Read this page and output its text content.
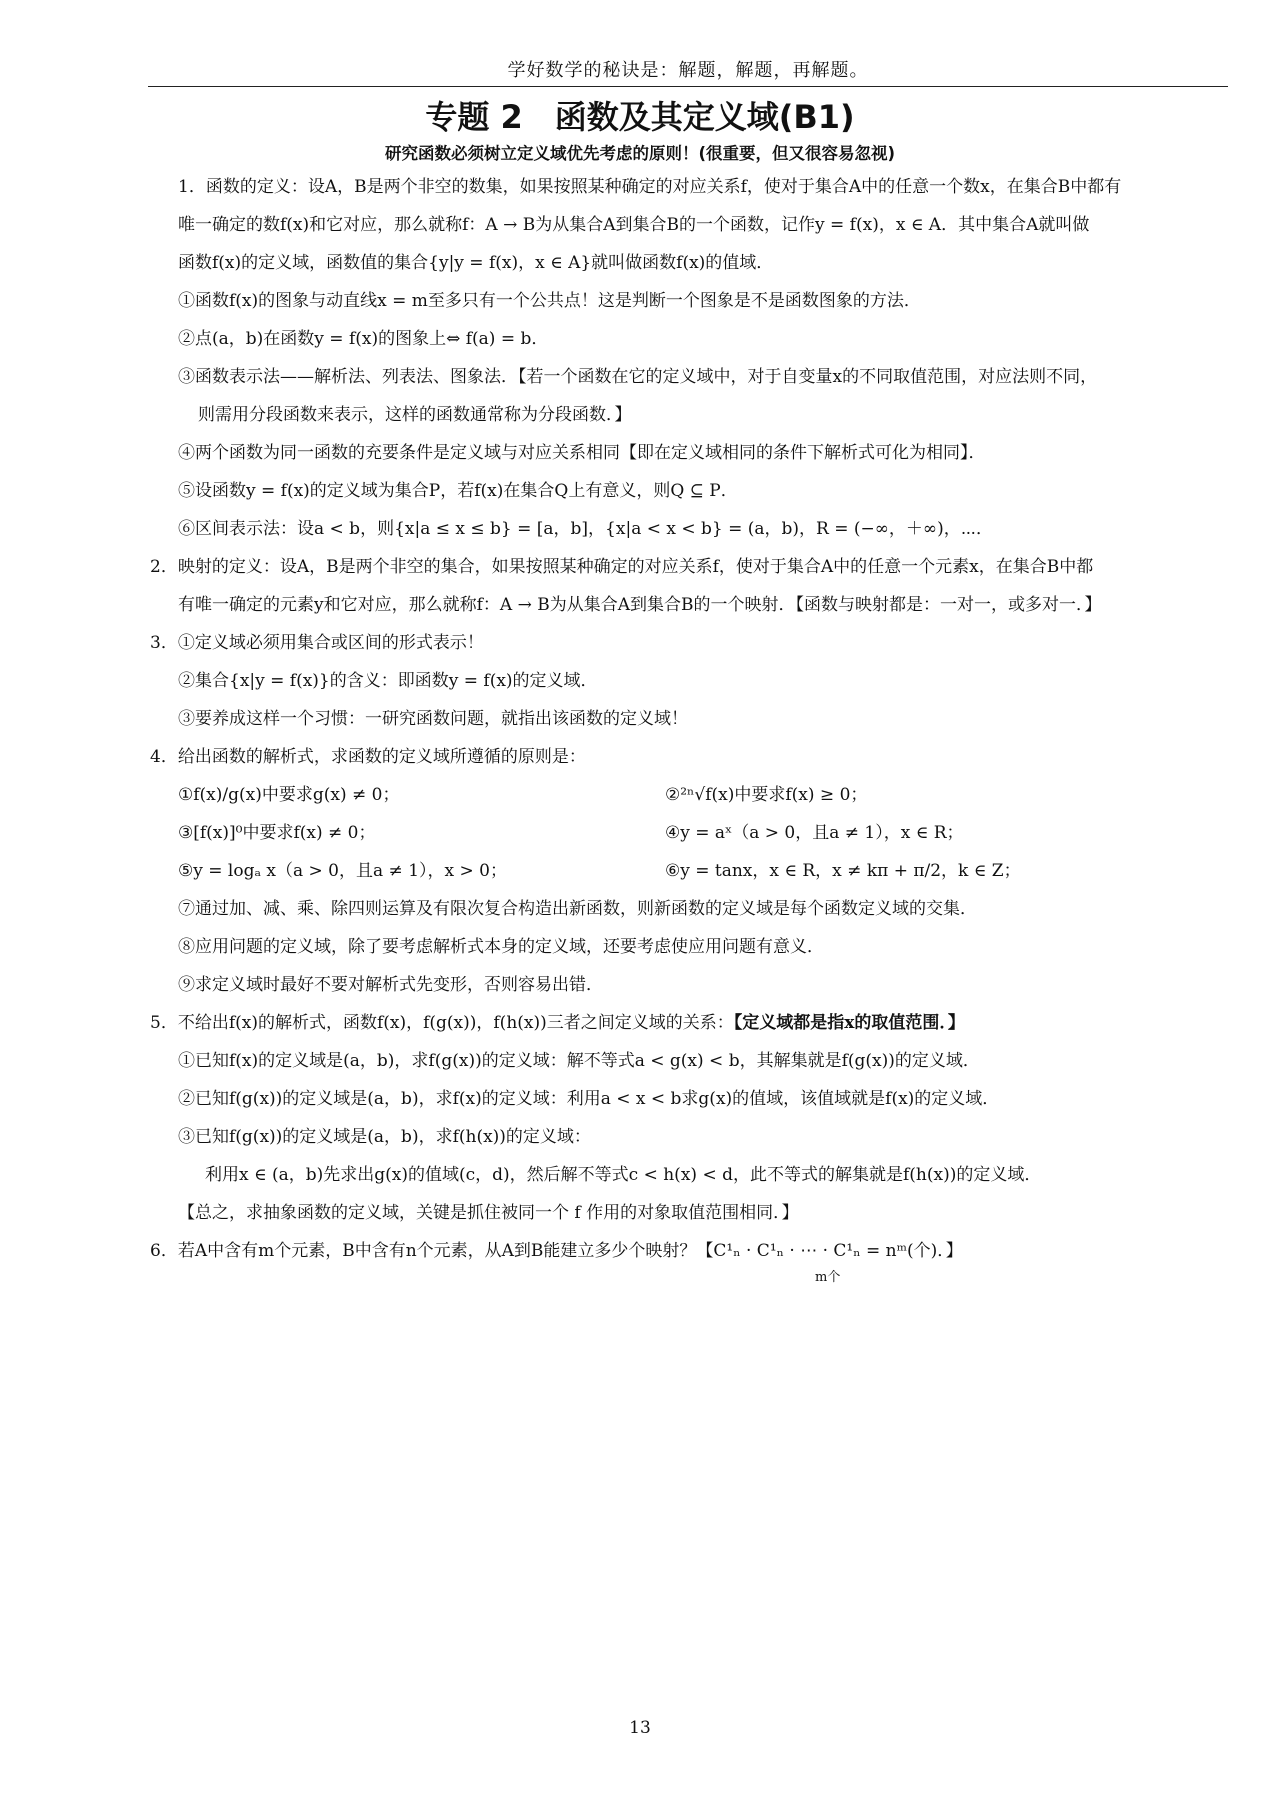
学好数学的秘诀是：解题，解题，再解题。
专题 2　函数及其定义域(B1)
研究函数必须树立定义域优先考虑的原则！(很重要，但又很容易忽视)
1．函数的定义：设A，B是两个非空的数集，如果按照某种确定的对应关系f，使对于集合A中的任意一个数x，在集合B中都有
唯一确定的数f(x)和它对应，那么就称f：A → B为从集合A到集合B的一个函数，记作y = f(x)，x ∈ A．其中集合A就叫做
函数f(x)的定义域，函数值的集合{y|y = f(x)，x ∈ A}就叫做函数f(x)的值域．
①函数f(x)的图象与动直线x = m至多只有一个公共点！这是判断一个图象是不是函数图象的方法．
②点(a，b)在函数y = f(x)的图象上⇔ f(a) = b．
③函数表示法——解析法、列表法、图象法．【若一个函数在它的定义域中，对于自变量x的不同取值范围，对应法则不同，
则需用分段函数来表示，这样的函数通常称为分段函数．】
④两个函数为同一函数的充要条件是定义域与对应关系相同【即在定义域相同的条件下解析式可化为相同】．
⑤设函数y = f(x)的定义域为集合P，若f(x)在集合Q上有意义，则Q ⊆ P．
⑥区间表示法：设a < b，则{x|a ≤ x ≤ b} = [a，b]，{x|a < x < b} = (a，b)，R = (−∞，＋∞)，⋯．
2．映射的定义：设A，B是两个非空的集合，如果按照某种确定的对应关系f，使对于集合A中的任意一个元素x，在集合B中都
有唯一确定的元素y和它对应，那么就称f：A → B为从集合A到集合B的一个映射．【函数与映射都是：一对一，或多对一．】
3．①定义域必须用集合或区间的形式表示！
②集合{x|y = f(x)}的含义：即函数y = f(x)的定义域．
③要养成这样一个习惯：一研究函数问题，就指出该函数的定义域！
4．给出函数的解析式，求函数的定义域所遵循的原则是：
①f(x)/g(x)中要求g(x) ≠ 0；	②²ⁿ√f(x)中要求f(x) ≥ 0；
③[f(x)]⁰中要求f(x) ≠ 0；	④y = aˣ（a > 0，且a ≠ 1），x ∈ R；
⑤y = logₐ x（a > 0，且a ≠ 1），x > 0；	⑥y = tanx，x ∈ R，x ≠ kπ + π/2，k ∈ Z；
⑦通过加、减、乘、除四则运算及有限次复合构造出新函数，则新函数的定义域是每个函数定义域的交集．
⑧应用问题的定义域，除了要考虑解析式本身的定义域，还要考虑使应用问题有意义．
⑨求定义域时最好不要对解析式先变形，否则容易出错．
5．不给出f(x)的解析式，函数f(x)，f(g(x))，f(h(x))三者之间定义域的关系：【定义域都是指x的取值范围．】
①已知f(x)的定义域是(a，b)，求f(g(x))的定义域：解不等式a < g(x) < b，其解集就是f(g(x))的定义域．
②已知f(g(x))的定义域是(a，b)，求f(x)的定义域：利用a < x < b求g(x)的值域，该值域就是f(x)的定义域．
③已知f(g(x))的定义域是(a，b)，求f(h(x))的定义域：
利用x ∈ (a，b)先求出g(x)的值域(c，d)，然后解不等式c < h(x) < d，此不等式的解集就是f(h(x))的定义域．
【总之，求抽象函数的定义域，关键是抓住被同一个 f 作用的对象取值范围相同．】
6．若A中含有m个元素，B中含有n个元素，从A到B能建立多少个映射？【C¹ₙ · C¹ₙ · ⋯ · C¹ₙ = nᵐ(个)．】
m个
13
